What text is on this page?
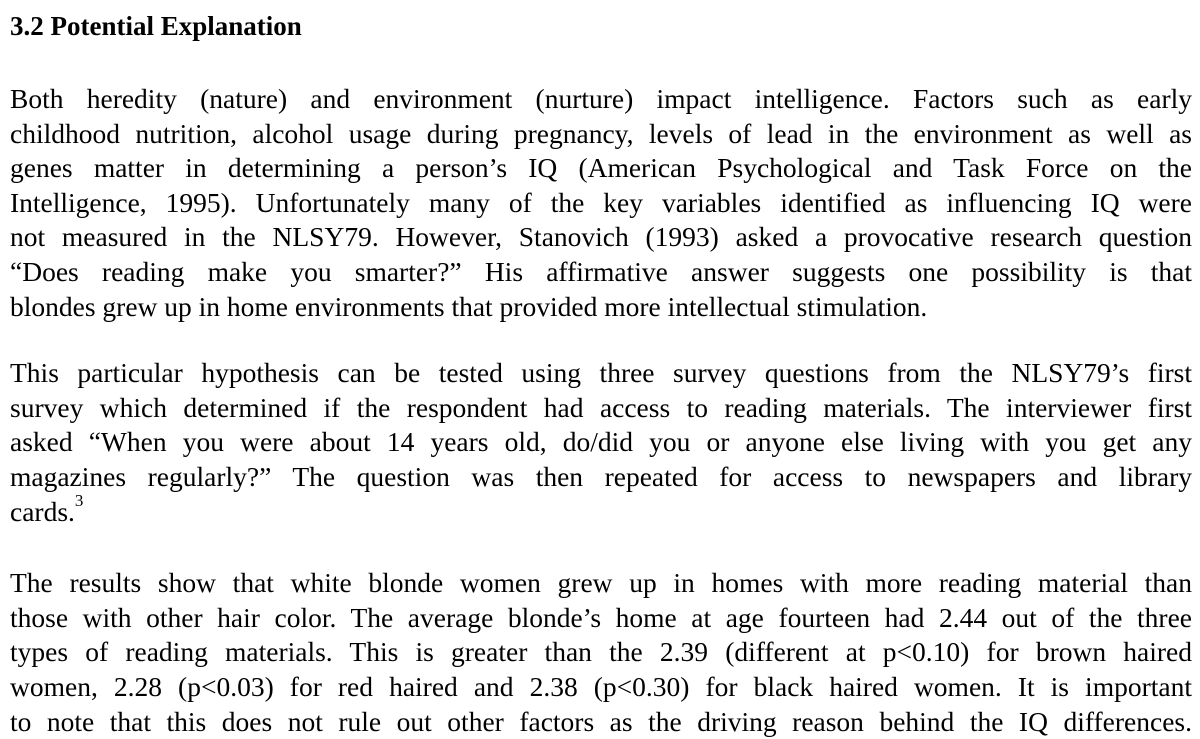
3.2 Potential Explanation

Both heredity (nature) and environment (nurture) impact intelligence. Factors such as early
childhood nutrition, alcohol usage during pregnancy, levels of lead in the environment as well as
genes matter in determining a person’s IQ (American Psychological and Task Force on the
Intelligence, 1995). Unfortunately many of the key variables identified as influencing IQ were
not measured in the NLSY79. However, Stanovich (1993) asked a provocative research question
“Does reading make you smarter?” His affirmative answer suggests one possibility is that
blondes grew up in home environments that provided more intellectual stimulation.

This particular hypothesis can be tested using three survey questions from the NLSY79’s first
survey which determined if the respondent had access to reading materials. The interviewer first
asked “When you were about 14 years old, do/did you or anyone else living with you get any
magazines regularly?” The question was then repeated for access to newspapers and library
cards.$^3$

The results show that white blonde women grew up in homes with more reading material than
those with other hair color. The average blonde’s home at age fourteen had 2.44 out of the three
types of reading materials. This is greater than the 2.39 (different at p<0.10) for brown haired
women, 2.28 (p<0.03) for red haired and 2.38 (p<0.30) for black haired women. It is important
to note that this does not rule out other factors as the driving reason behind the IQ differences.
